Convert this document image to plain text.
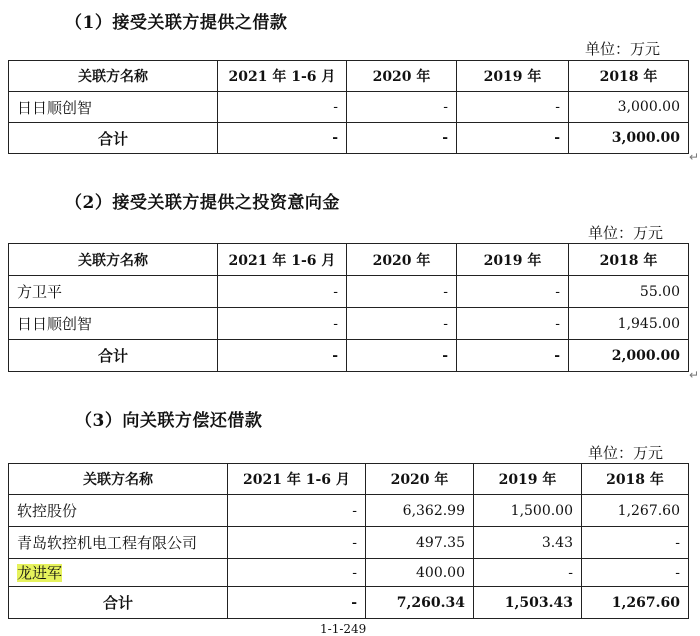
（1）接受关联方提供之借款
单位：万元
关联方名称	2021 年 1-6 月	2020 年	2019 年	2018 年
日日顺创智	-	-	-	3,000.00
合计	-	-	-	3,000.00
↵
（2）接受关联方提供之投资意向金
单位：万元
关联方名称	2021 年 1-6 月	2020 年	2019 年	2018 年
方卫平	-	-	-	55.00
日日顺创智	-	-	-	1,945.00
合计	-	-	-	2,000.00
↵
（3）向关联方偿还借款
单位：万元
关联方名称	2021 年 1-6 月	2020 年	2019 年	2018 年
软控股份	-	6,362.99	1,500.00	1,267.60
青岛软控机电工程有限公司	-	497.35	3.43	-
龙进军	-	400.00	-	-
合计	-	7,260.34	1,503.43	1,267.60
1-1-249
